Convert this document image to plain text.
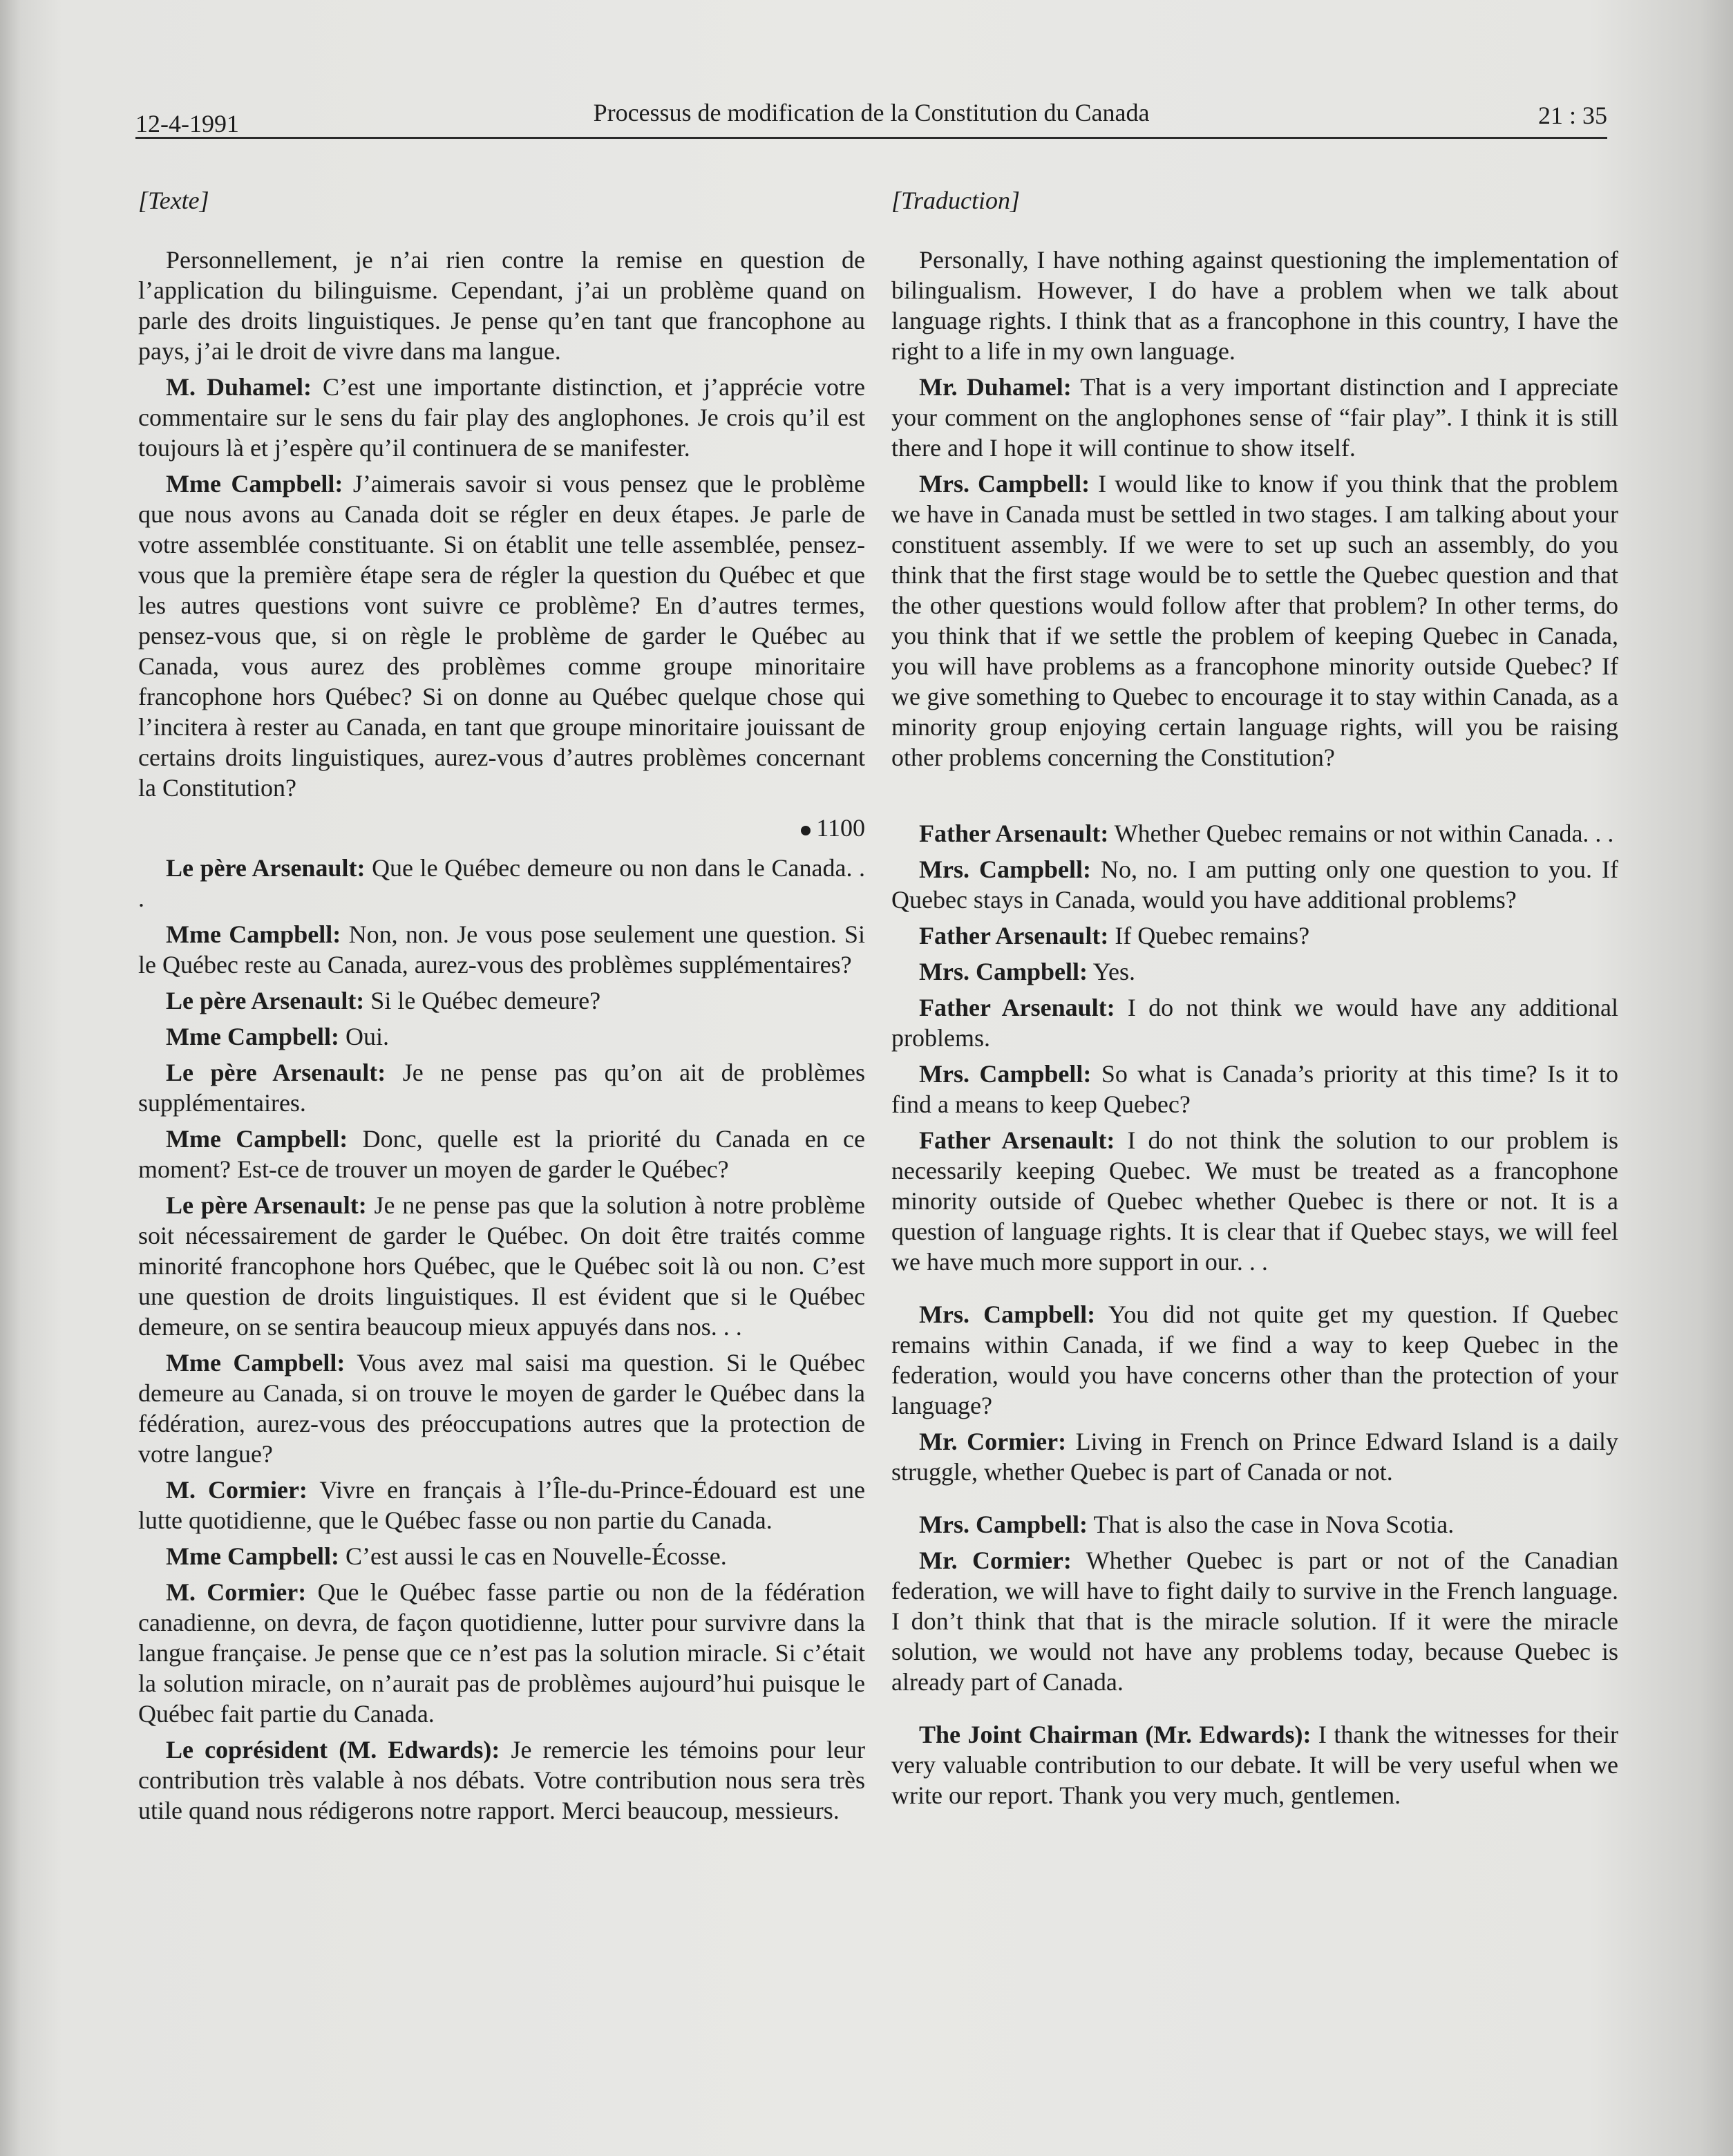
12-4-1991	Processus de modification de la Constitution du Canada	21 : 35

[Texte]

Personnellement, je n’ai rien contre la remise en question de l’application du bilinguisme. Cependant, j’ai un problème quand on parle des droits linguistiques. Je pense qu’en tant que francophone au pays, j’ai le droit de vivre dans ma langue.

M. Duhamel: C’est une importante distinction, et j’apprécie votre commentaire sur le sens du fair play des anglophones. Je crois qu’il est toujours là et j’espère qu’il continuera de se manifester.

Mme Campbell: J’aimerais savoir si vous pensez que le problème que nous avons au Canada doit se régler en deux étapes. Je parle de votre assemblée constituante. Si on établit une telle assemblée, pensez-vous que la première étape sera de régler la question du Québec et que les autres questions vont suivre ce problème? En d’autres termes, pensez-vous que, si on règle le problème de garder le Québec au Canada, vous aurez des problèmes comme groupe minoritaire francophone hors Québec? Si on donne au Québec quelque chose qui l’incitera à rester au Canada, en tant que groupe minoritaire jouissant de certains droits linguistiques, aurez-vous d’autres problèmes concernant la Constitution?

1100

Le père Arsenault: Que le Québec demeure ou non dans le Canada. . .

Mme Campbell: Non, non. Je vous pose seulement une question. Si le Québec reste au Canada, aurez-vous des problèmes supplémentaires?

Le père Arsenault: Si le Québec demeure?

Mme Campbell: Oui.

Le père Arsenault: Je ne pense pas qu’on ait de problèmes supplémentaires.

Mme Campbell: Donc, quelle est la priorité du Canada en ce moment? Est-ce de trouver un moyen de garder le Québec?

Le père Arsenault: Je ne pense pas que la solution à notre problème soit nécessairement de garder le Québec. On doit être traités comme minorité francophone hors Québec, que le Québec soit là ou non. C’est une question de droits linguistiques. Il est évident que si le Québec demeure, on se sentira beaucoup mieux appuyés dans nos. . .

Mme Campbell: Vous avez mal saisi ma question. Si le Québec demeure au Canada, si on trouve le moyen de garder le Québec dans la fédération, aurez-vous des préoccupations autres que la protection de votre langue?

M. Cormier: Vivre en français à l’Île-du-Prince-Édouard est une lutte quotidienne, que le Québec fasse ou non partie du Canada.

Mme Campbell: C’est aussi le cas en Nouvelle-Écosse.

M. Cormier: Que le Québec fasse partie ou non de la fédération canadienne, on devra, de façon quotidienne, lutter pour survivre dans la langue française. Je pense que ce n’est pas la solution miracle. Si c’était la solution miracle, on n’aurait pas de problèmes aujourd’hui puisque le Québec fait partie du Canada.

Le coprésident (M. Edwards): Je remercie les témoins pour leur contribution très valable à nos débats. Votre contribution nous sera très utile quand nous rédigerons notre rapport. Merci beaucoup, messieurs.

[Traduction]

Personally, I have nothing against questioning the implementation of bilingualism. However, I do have a problem when we talk about language rights. I think that as a francophone in this country, I have the right to a life in my own language.

Mr. Duhamel: That is a very important distinction and I appreciate your comment on the anglophones sense of “fair play”. I think it is still there and I hope it will continue to show itself.

Mrs. Campbell: I would like to know if you think that the problem we have in Canada must be settled in two stages. I am talking about your constituent assembly. If we were to set up such an assembly, do you think that the first stage would be to settle the Quebec question and that the other questions would follow after that problem? In other terms, do you think that if we settle the problem of keeping Quebec in Canada, you will have problems as a francophone minority outside Quebec? If we give something to Quebec to encourage it to stay within Canada, as a minority group enjoying certain language rights, will you be raising other problems concerning the Constitution?

Father Arsenault: Whether Quebec remains or not within Canada. . .

Mrs. Campbell: No, no. I am putting only one question to you. If Quebec stays in Canada, would you have additional problems?

Father Arsenault: If Quebec remains?

Mrs. Campbell: Yes.

Father Arsenault: I do not think we would have any additional problems.

Mrs. Campbell: So what is Canada’s priority at this time? Is it to find a means to keep Quebec?

Father Arsenault: I do not think the solution to our problem is necessarily keeping Quebec. We must be treated as a francophone minority outside of Quebec whether Quebec is there or not. It is a question of language rights. It is clear that if Quebec stays, we will feel we have much more support in our. . .

Mrs. Campbell: You did not quite get my question. If Quebec remains within Canada, if we find a way to keep Quebec in the federation, would you have concerns other than the protection of your language?

Mr. Cormier: Living in French on Prince Edward Island is a daily struggle, whether Quebec is part of Canada or not.

Mrs. Campbell: That is also the case in Nova Scotia.

Mr. Cormier: Whether Quebec is part or not of the Canadian federation, we will have to fight daily to survive in the French language. I don’t think that that is the miracle solution. If it were the miracle solution, we would not have any problems today, because Quebec is already part of Canada.

The Joint Chairman (Mr. Edwards): I thank the witnesses for their very valuable contribution to our debate. It will be very useful when we write our report. Thank you very much, gentlemen.
